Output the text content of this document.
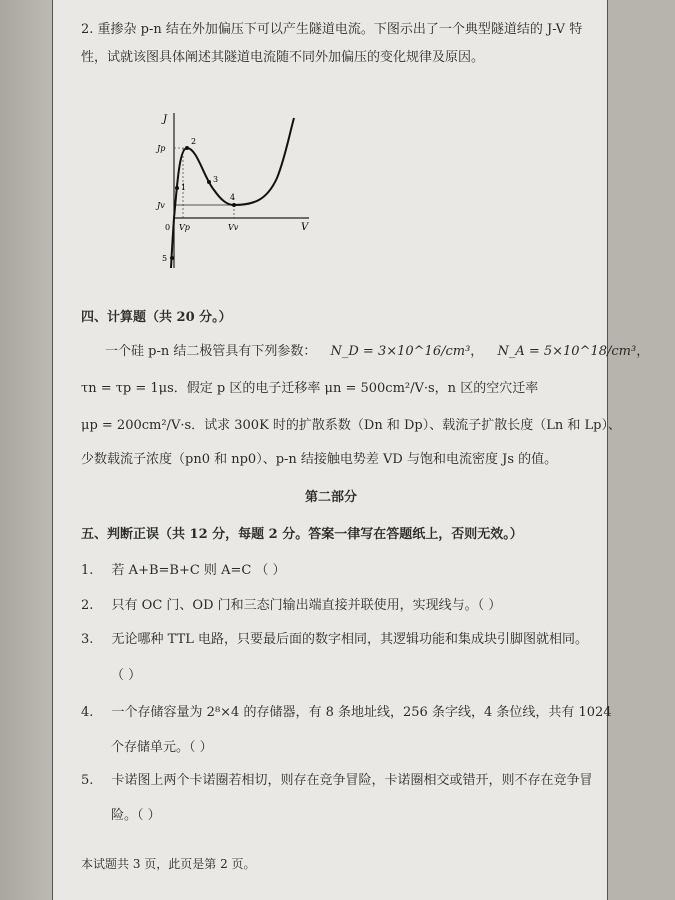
2. 重掺杂 p-n 结在外加偏压下可以产生隧道电流。下图示出了一个典型隧道结的 J-V 特
性，试就该图具体阐述其隧道电流随不同外加偏压的变化规律及原因。
J
V
0
Jp
Jv
Vp	Vv
1
2
3
4
5
四、计算题（共 20 分。）
一个硅 p-n 结二极管具有下列参数： N_D = 3×10^16/cm³， N_A = 5×10^18/cm³，
τn = τp = 1μs．假定 p 区的电子迁移率 μn = 500cm²/V·s，n 区的空穴迁率
μp = 200cm²/V·s．试求 300K 时的扩散系数（Dn 和 Dp）、载流子扩散长度（Ln 和 Lp）、
少数载流子浓度（pn0 和 np0）、p-n 结接触电势差 VD 与饱和电流密度 Js 的值。
第二部分
五、判断正误（共 12 分，每题 2 分。答案一律写在答题纸上，否则无效。）
1. 若 A+B=B+C 则 A=C （ ）
2. 只有 OC 门、OD 门和三态门输出端直接并联使用，实现线与。（ ）
3. 无论哪种 TTL 电路，只要最后面的数字相同，其逻辑功能和集成块引脚图就相同。
（ ）
4. 一个存储容量为 2⁸×4 的存储器，有 8 条地址线，256 条字线，4 条位线，共有 1024
个存储单元。（ ）
5. 卡诺图上两个卡诺圈若相切，则存在竞争冒险，卡诺圈相交或错开，则不存在竞争冒
险。（ ）
本试题共 3 页，此页是第 2 页。
